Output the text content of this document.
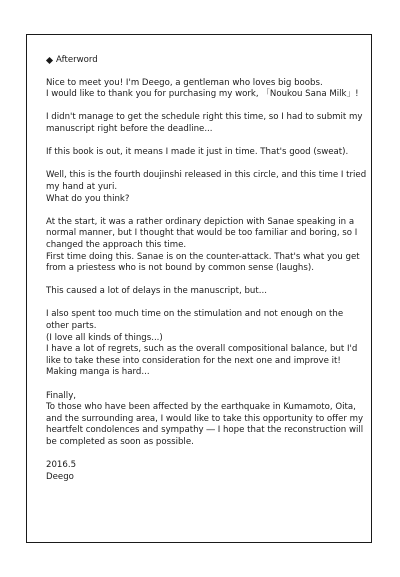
Afterword
Nice to meet you! I'm Deego, a gentleman who loves big boobs.
I would like to thank you for purchasing my work, 「Noukou Sana Milk」!
I didn't manage to get the schedule right this time, so I had to submit my
manuscript right before the deadline...
If this book is out, it means I made it just in time. That's good (sweat).
Well, this is the fourth doujinshi released in this circle, and this time I tried
my hand at yuri.
What do you think?
At the start, it was a rather ordinary depiction with Sanae speaking in a
normal manner, but I thought that would be too familiar and boring, so I
changed the approach this time.
First time doing this. Sanae is on the counter-attack. That's what you get
from a priestess who is not bound by common sense (laughs).
This caused a lot of delays in the manuscript, but...
I also spent too much time on the stimulation and not enough on the
other parts.
(I love all kinds of things...)
I have a lot of regrets, such as the overall compositional balance, but I'd
like to take these into consideration for the next one and improve it!
Making manga is hard...
Finally,
To those who have been affected by the earthquake in Kumamoto, Oita,
and the surrounding area, I would like to take this opportunity to offer my
heartfelt condolences and sympathy ― I hope that the reconstruction will
be completed as soon as possible.
2016.5
Deego
